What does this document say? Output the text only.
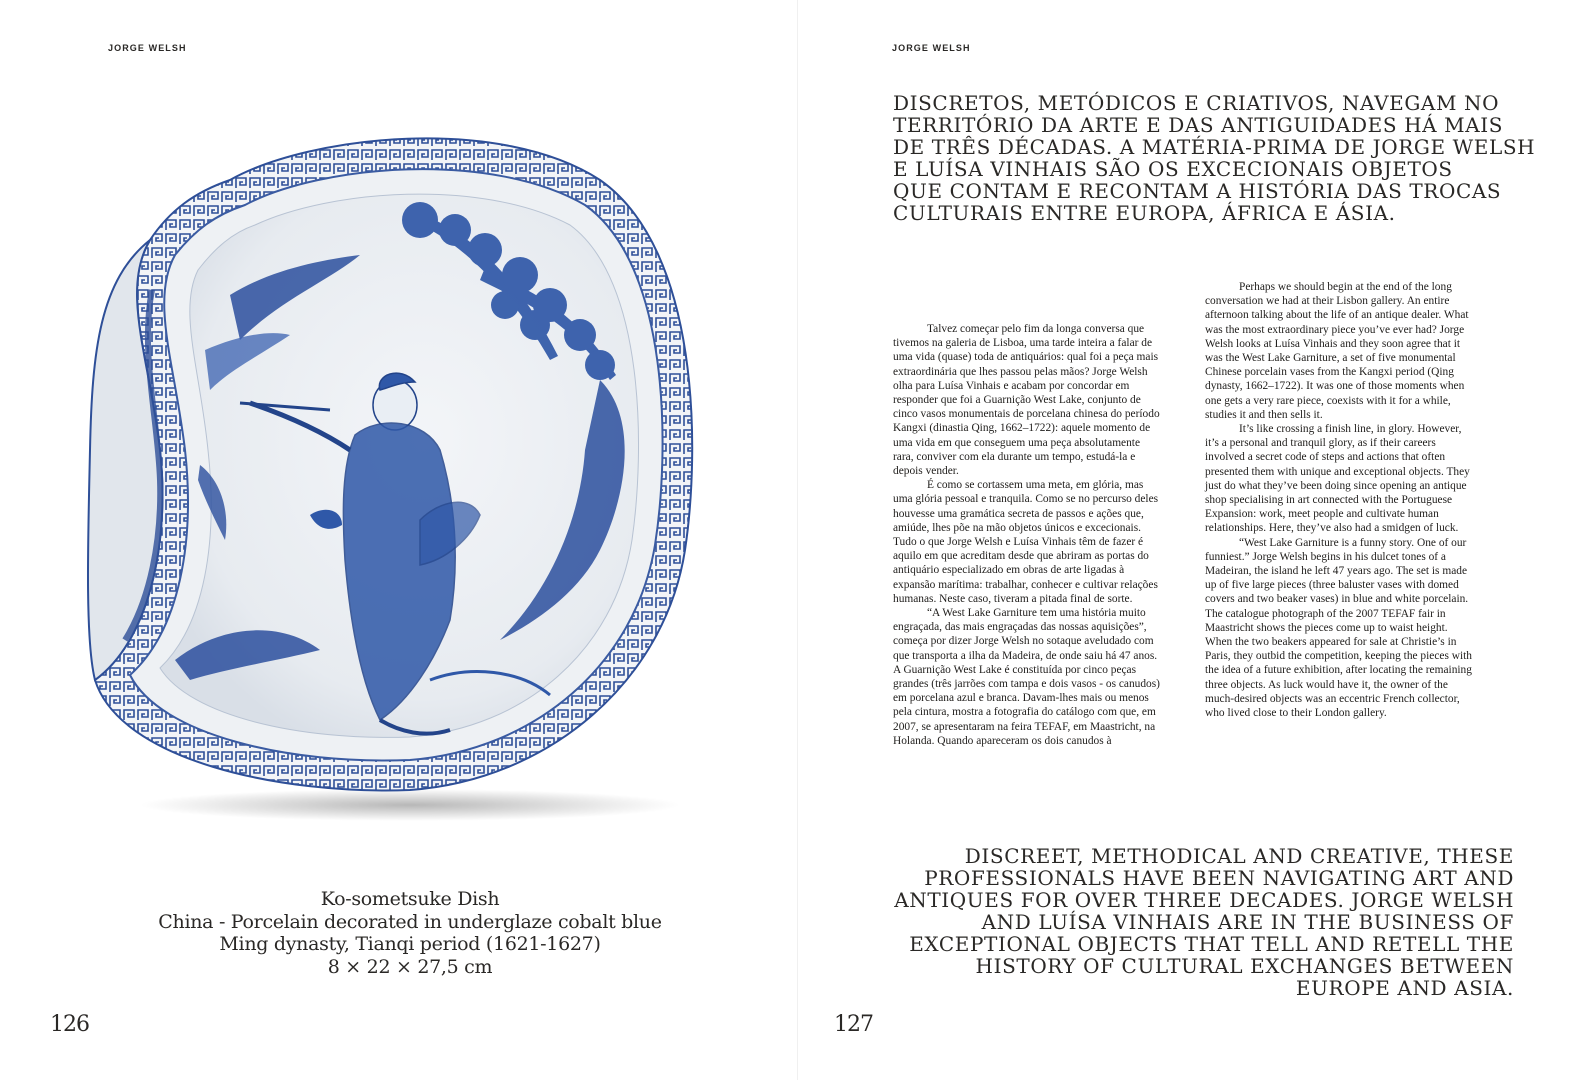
JORGE WELSH
Ko-sometsuke Dish
China - Porcelain decorated in underglaze cobalt blue
Ming dynasty, Tianqi period (1621-1627)
8 × 22 × 27,5 cm
126
JORGE WELSH
DISCRETOS, METÓDICOS E CRIATIVOS, NAVEGAM NO
TERRITÓRIO DA ARTE E DAS ANTIGUIDADES HÁ MAIS
DE TRÊS DÉCADAS. A MATÉRIA-PRIMA DE JORGE WELSH
E LUÍSA VINHAIS SÃO OS EXCECIONAIS OBJETOS
QUE CONTAM E RECONTAM A HISTÓRIA DAS TROCAS
CULTURAIS ENTRE EUROPA, ÁFRICA E ÁSIA.

Talvez começar pelo fim da longa conversa que tivemos na galeria de Lisboa, uma tarde inteira a falar de uma vida (quase) toda de antiquários: qual foi a peça mais extraordinária que lhes passou pelas mãos? Jorge Welsh olha para Luísa Vinhais e acabam por concordar em responder que foi a Guarnição West Lake, conjunto de cinco vasos monumentais de porcelana chinesa do período Kangxi (dinastia Qing, 1662–1722): aquele momento de uma vida em que conseguem uma peça absolutamente rara, conviver com ela durante um tempo, estudá-la e depois vender.

É como se cortassem uma meta, em glória, mas uma glória pessoal e tranquila. Como se no percurso deles houvesse uma gramática secreta de passos e ações que, amiúde, lhes põe na mão objetos únicos e excecionais. Tudo o que Jorge Welsh e Luísa Vinhais têm de fazer é aquilo em que acreditam desde que abriram as portas do antiquário especializado em obras de arte ligadas à expansão marítima: trabalhar, conhecer e cultivar relações humanas. Neste caso, tiveram a pitada final de sorte.

“A West Lake Garniture tem uma história muito engraçada, das mais engraçadas das nossas aquisições”, começa por dizer Jorge Welsh no sotaque aveludado com que transporta a ilha da Madeira, de onde saiu há 47 anos. A Guarnição West Lake é constituída por cinco peças grandes (três jarrões com tampa e dois vasos - os canudos) em porcelana azul e branca. Davam-lhes mais ou menos pela cintura, mostra a fotografia do catálogo com que, em 2007, se apresentaram na feira TEFAF, em Maastricht, na Holanda. Quando apareceram os dois canudos à

Perhaps we should begin at the end of the long conversation we had at their Lisbon gallery. An entire afternoon talking about the life of an antique dealer. What was the most extraordinary piece you’ve ever had? Jorge Welsh looks at Luísa Vinhais and they soon agree that it was the West Lake Garniture, a set of five monumental Chinese porcelain vases from the Kangxi period (Qing dynasty, 1662–1722). It was one of those moments when one gets a very rare piece, coexists with it for a while, studies it and then sells it.

It’s like crossing a finish line, in glory. However, it’s a personal and tranquil glory, as if their careers involved a secret code of steps and actions that often presented them with unique and exceptional objects. They just do what they’ve been doing since opening an antique shop specialising in art connected with the Portuguese Expansion: work, meet people and cultivate human relationships. Here, they’ve also had a smidgen of luck.

“West Lake Garniture is a funny story. One of our funniest.” Jorge Welsh begins in his dulcet tones of a Madeiran, the island he left 47 years ago. The set is made up of five large pieces (three baluster vases with domed covers and two beaker vases) in blue and white porcelain. The catalogue photograph of the 2007 TEFAF fair in Maastricht shows the pieces come up to waist height. When the two beakers appeared for sale at Christie’s in Paris, they outbid the competition, keeping the pieces with the idea of a future exhibition, after locating the remaining three objects. As luck would have it, the owner of the much-desired objects was an eccentric French collector, who lived close to their London gallery.

DISCREET, METHODICAL AND CREATIVE, THESE
PROFESSIONALS HAVE BEEN NAVIGATING ART AND
ANTIQUES FOR OVER THREE DECADES. JORGE WELSH
AND LUÍSA VINHAIS ARE IN THE BUSINESS OF
EXCEPTIONAL OBJECTS THAT TELL AND RETELL THE
HISTORY OF CULTURAL EXCHANGES BETWEEN
EUROPE AND ASIA.
127
